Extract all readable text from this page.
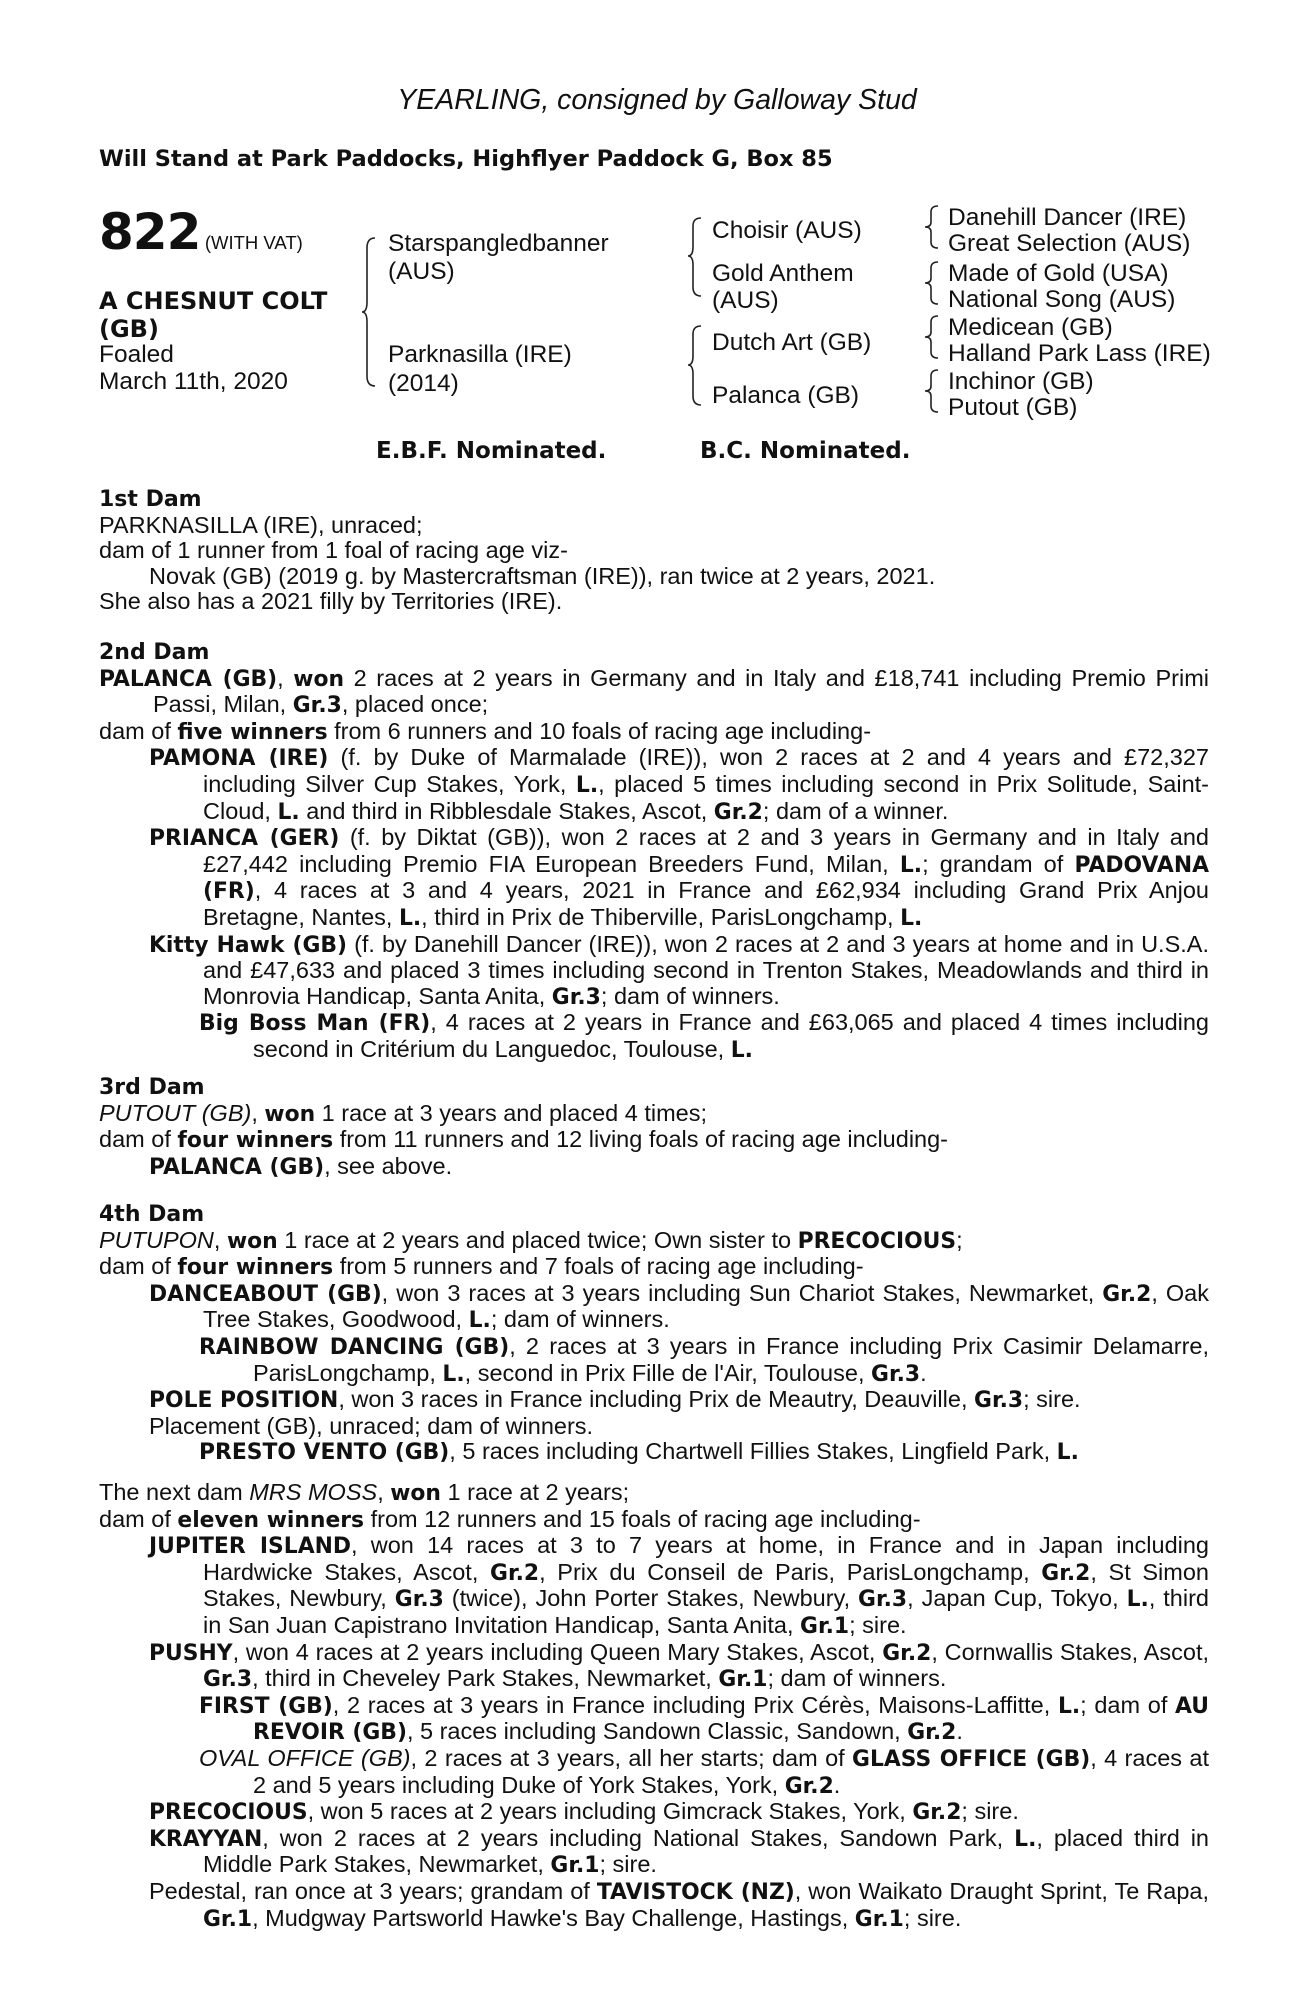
YEARLING, consigned by Galloway Stud
Will Stand at Park Paddocks, Highflyer Paddock G, Box 85
822 (WITH VAT)
A CHESNUT COLT
(GB)
Foaled
March 11th, 2020
Starspangledbanner
(AUS)
Parknasilla (IRE)
(2014)
Choisir (AUS)
Gold Anthem
(AUS)
Dutch Art (GB)
Palanca (GB)
Danehill Dancer (IRE)
Great Selection (AUS)
Made of Gold (USA)
National Song (AUS)
Medicean (GB)
Halland Park Lass (IRE)
Inchinor (GB)
Putout (GB)
E.B.F. Nominated.	B.C. Nominated.
1st Dam
PARKNASILLA (IRE), unraced;
dam of 1 runner from 1 foal of racing age viz-
Novak (GB) (2019 g. by Mastercraftsman (IRE)), ran twice at 2 years, 2021.
She also has a 2021 filly by Territories (IRE).
2nd Dam
PALANCA (GB), won 2 races at 2 years in Germany and in Italy and £18,741 including Premio Primi Passi, Milan, Gr.3, placed once;
dam of five winners from 6 runners and 10 foals of racing age including-
PAMONA (IRE) (f. by Duke of Marmalade (IRE)), won 2 races at 2 and 4 years and £72,327 including Silver Cup Stakes, York, L., placed 5 times including second in Prix Solitude, Saint-Cloud, L. and third in Ribblesdale Stakes, Ascot, Gr.2; dam of a winner.
PRIANCA (GER) (f. by Diktat (GB)), won 2 races at 2 and 3 years in Germany and in Italy and £27,442 including Premio FIA European Breeders Fund, Milan, L.; grandam of PADOVANA (FR), 4 races at 3 and 4 years, 2021 in France and £62,934 including Grand Prix Anjou Bretagne, Nantes, L., third in Prix de Thiberville, ParisLongchamp, L.
Kitty Hawk (GB) (f. by Danehill Dancer (IRE)), won 2 races at 2 and 3 years at home and in U.S.A. and £47,633 and placed 3 times including second in Trenton Stakes, Meadowlands and third in Monrovia Handicap, Santa Anita, Gr.3; dam of winners.
Big Boss Man (FR), 4 races at 2 years in France and £63,065 and placed 4 times including second in Critérium du Languedoc, Toulouse, L.
3rd Dam
PUTOUT (GB), won 1 race at 3 years and placed 4 times;
dam of four winners from 11 runners and 12 living foals of racing age including-
PALANCA (GB), see above.
4th Dam
PUTUPON, won 1 race at 2 years and placed twice; Own sister to PRECOCIOUS;
dam of four winners from 5 runners and 7 foals of racing age including-
DANCEABOUT (GB), won 3 races at 3 years including Sun Chariot Stakes, Newmarket, Gr.2, Oak Tree Stakes, Goodwood, L.; dam of winners.
RAINBOW DANCING (GB), 2 races at 3 years in France including Prix Casimir Delamarre, ParisLongchamp, L., second in Prix Fille de l'Air, Toulouse, Gr.3.
POLE POSITION, won 3 races in France including Prix de Meautry, Deauville, Gr.3; sire.
Placement (GB), unraced; dam of winners.
PRESTO VENTO (GB), 5 races including Chartwell Fillies Stakes, Lingfield Park, L.
The next dam MRS MOSS, won 1 race at 2 years;
dam of eleven winners from 12 runners and 15 foals of racing age including-
JUPITER ISLAND, won 14 races at 3 to 7 years at home, in France and in Japan including Hardwicke Stakes, Ascot, Gr.2, Prix du Conseil de Paris, ParisLongchamp, Gr.2, St Simon Stakes, Newbury, Gr.3 (twice), John Porter Stakes, Newbury, Gr.3, Japan Cup, Tokyo, L., third in San Juan Capistrano Invitation Handicap, Santa Anita, Gr.1; sire.
PUSHY, won 4 races at 2 years including Queen Mary Stakes, Ascot, Gr.2, Cornwallis Stakes, Ascot, Gr.3, third in Cheveley Park Stakes, Newmarket, Gr.1; dam of winners.
FIRST (GB), 2 races at 3 years in France including Prix Cérès, Maisons-Laffitte, L.; dam of AU REVOIR (GB), 5 races including Sandown Classic, Sandown, Gr.2.
OVAL OFFICE (GB), 2 races at 3 years, all her starts; dam of GLASS OFFICE (GB), 4 races at 2 and 5 years including Duke of York Stakes, York, Gr.2.
PRECOCIOUS, won 5 races at 2 years including Gimcrack Stakes, York, Gr.2; sire.
KRAYYAN, won 2 races at 2 years including National Stakes, Sandown Park, L., placed third in Middle Park Stakes, Newmarket, Gr.1; sire.
Pedestal, ran once at 3 years; grandam of TAVISTOCK (NZ), won Waikato Draught Sprint, Te Rapa, Gr.1, Mudgway Partsworld Hawke's Bay Challenge, Hastings, Gr.1; sire.
